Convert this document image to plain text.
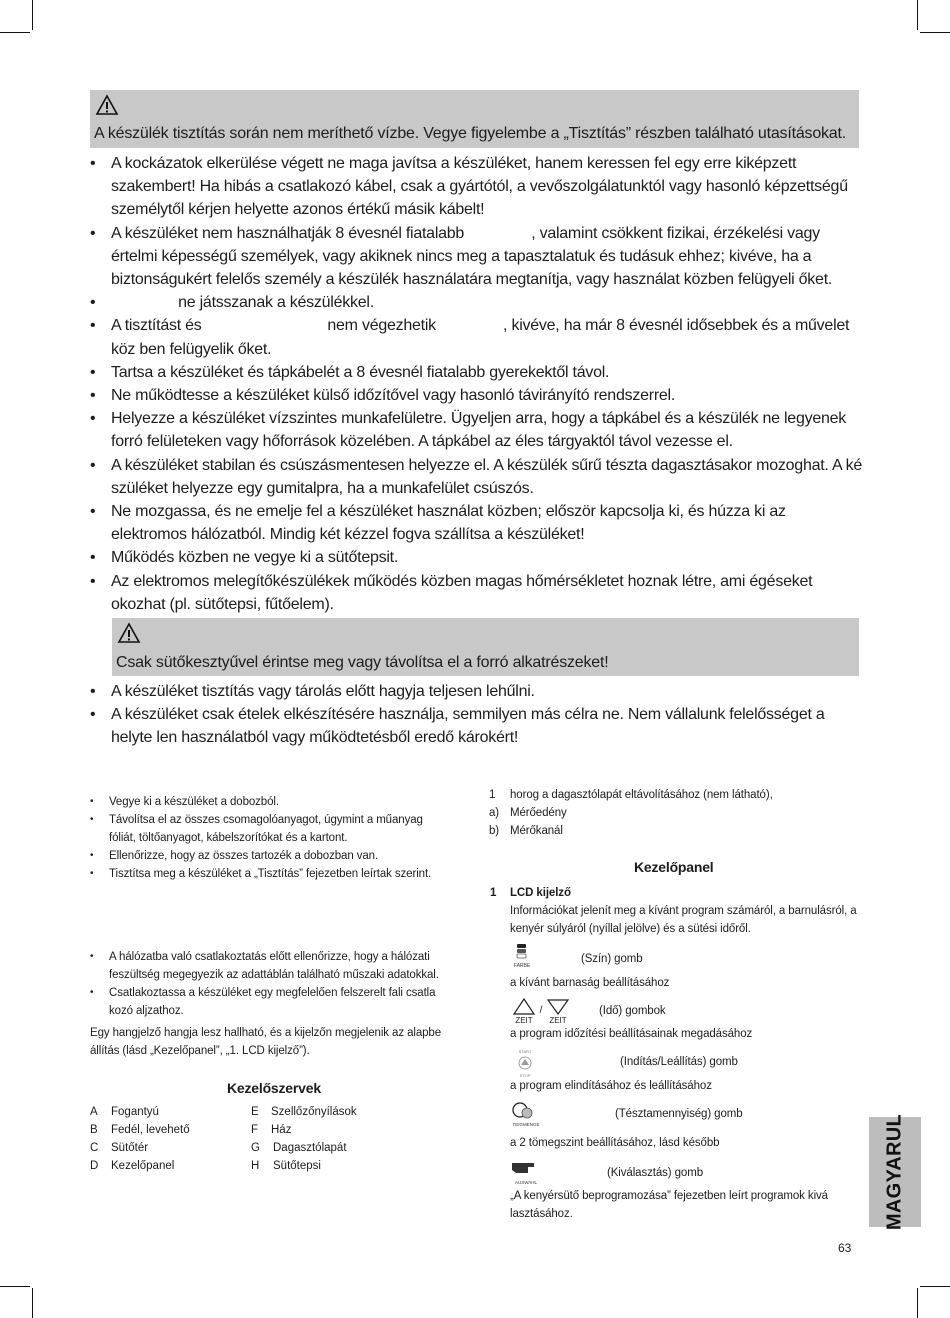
A készülék tisztítás során nem meríthető vízbe. Vegye figyelembe a „Tisztítás” részben található utasításokat.
• A kockázatok elkerülése végett ne maga javítsa a készüléket, hanem keressen fel egy erre kiképzett szakembert! Ha hibás a csatlakozó kábel, csak a gyártótól, a vevőszolgálatunktól vagy hasonló képzettségű személytől kérjen helyette azonos értékű másik kábelt!
• A készüléket nem használhatják 8 évesnél fiatalabb                , valamint csökkent fizikai, érzékelési vagy értelmi képességű személyek, vagy akiknek nincs meg a tapasztalatuk és tudásuk ehhez; kivéve, ha a biztonságukért felelős személy a készülék használatára megtanítja, vagy használat közben felügyeli őket.
•                 ne játsszanak a készülékkel.
• A tisztítást és                              nem végezhetik                , kivéve, ha már 8 évesnél idősebbek és a művelet köz ben felügyelik őket.
• Tartsa a készüléket és tápkábelét a 8 évesnél fiatalabb gyerekektől távol.
• Ne működtesse a készüléket külső időzítővel vagy hasonló távirányító rendszerrel.
• Helyezze a készüléket vízszintes munkafelületre. Ügyeljen arra, hogy a tápkábel és a készülék ne legyenek forró felületeken vagy hőforrások közelében. A tápkábel az éles tárgyaktól távol vezesse el.
• A készüléket stabilan és csúszásmentesen helyezze el. A készülék sűrű tészta dagasztásakor mozoghat. A ké szüléket helyezze egy gumitalpra, ha a munkafelület csúszós.
• Ne mozgassa, és ne emelje fel a készüléket használat közben; először kapcsolja ki, és húzza ki az elektromos hálózatból. Mindig két kézzel fogva szállítsa a készüléket!
• Működés közben ne vegye ki a sütőtepsit.
• Az elektromos melegítőkészülékek működés közben magas hőmérsékletet hoznak létre, ami égéseket okozhat (pl. sütőtepsi, fűtőelem).
Csak sütőkesztyűvel érintse meg vagy távolítsa el a forró alkatrészeket!
• A készüléket tisztítás vagy tárolás előtt hagyja teljesen lehűlni.
• A készüléket csak ételek elkészítésére használja, semmilyen más célra ne. Nem vállalunk felelősséget a helyte len használatból vagy működtetésből eredő károkért!
• Vegye ki a készüléket a dobozból.
• Távolítsa el az összes csomagolóanyagot, úgymint a műanyag fóliát, töltőanyagot, kábelszorítókat és a kartont.
• Ellenőrizze, hogy az összes tartozék a dobozban van.
• Tisztítsa meg a készüléket a „Tisztítás” fejezetben leírtak szerint.
• A hálózatba való csatlakoztatás előtt ellenőrizze, hogy a hálózati feszültség megegyezik az adattáblán található műszaki adatokkal.
• Csatlakoztassa a készüléket egy megfelelően felszerelt fali csatla kozó aljzathoz.
Egy hangjelző hangja lesz hallható, és a kijelzőn megjelenik az alapbe állítás (lásd „Kezelőpanel”, „1. LCD kijelző”).
Kezelőszervek
A Fogantyú	E Szellőzőnyílások
B Fedél, levehető	F Ház
C Sütőtér	G Dagasztólapát
D Kezelőpanel	H Sütőtepsi
1 horog a dagasztólapát eltávolításához (nem látható),
a) Mérőedény
b) Mérőkanál
Kezelőpanel
1 LCD kijelző
Információkat jelenít meg a kívánt program számáról, a barnulásról, a kenyér súlyáról (nyíllal jelölve) és a sütési időről.
FARBE
(Szín) gomb
a kívánt barnaság beállításához
ZEIT
/
ZEIT
(Idő) gombok
a program időzítési beállításainak megadásához
START
STOP
(Indítás/Leállítás) gomb
a program elindításához és leállításához
TEIGMENGE
(Tésztamennyiség) gomb
a 2 tömegszint beállításához, lásd később
AUSWAHL
(Kiválasztás) gomb
„A kenyérsütő beprogramozása” fejezetben leírt programok kivá lasztásához.	MAGYARUL
63
